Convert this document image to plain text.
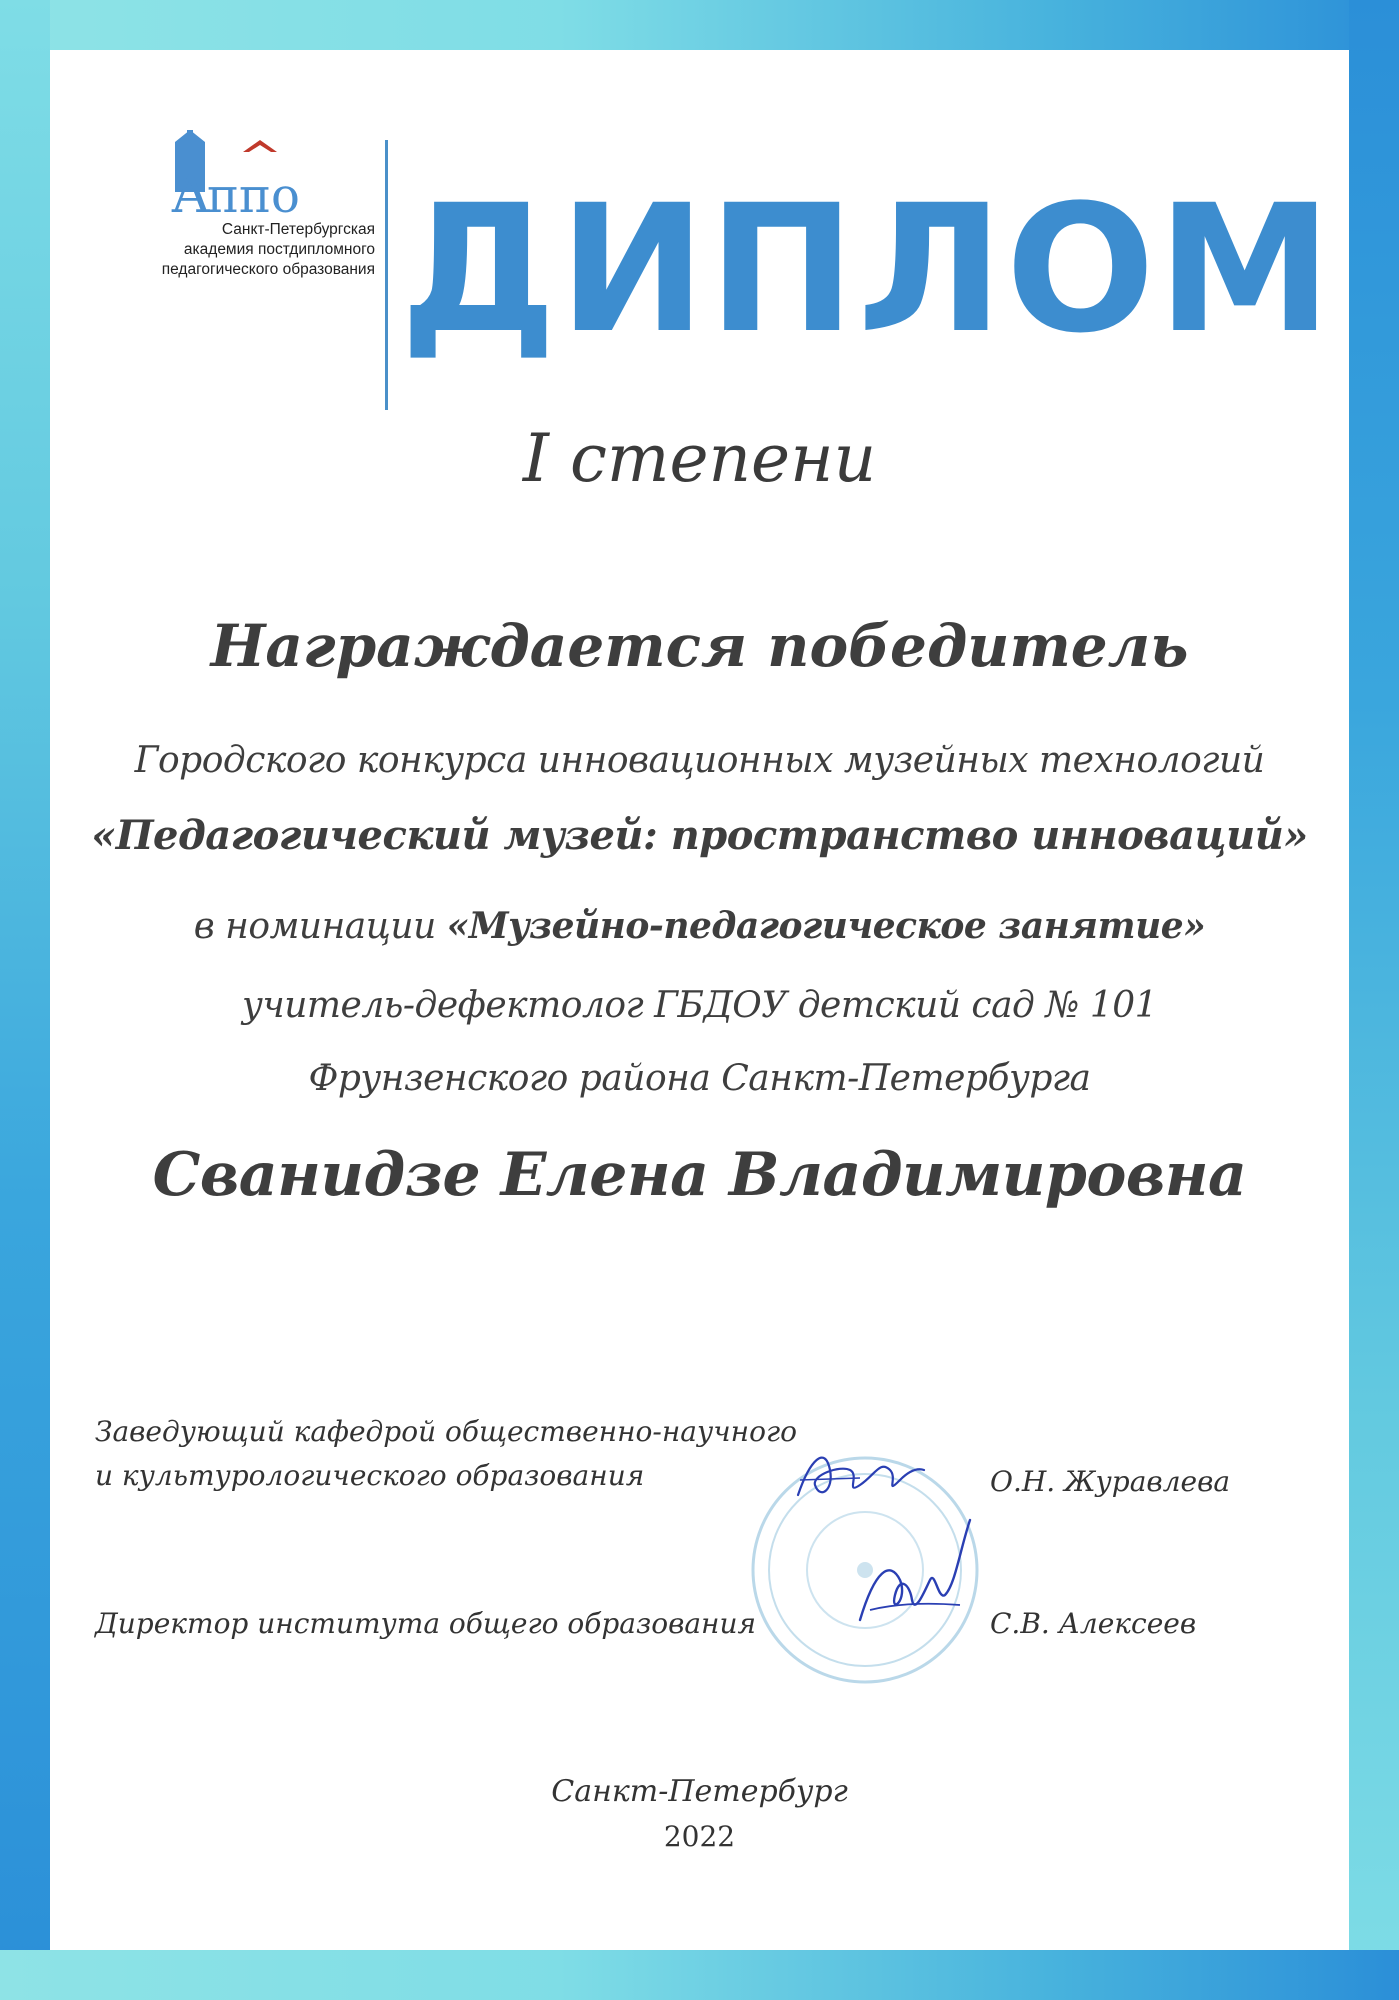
А
ппо
Санкт-Петербургская
академия постдипломного
педагогического образования ДИПЛОМ
I степени
Награждается победитель
Городского конкурса инновационных музейных технологий
«Педагогический музей: пространство инноваций»
в номинации «Музейно-педагогическое занятие»
учитель-дефектолог ГБДОУ детский сад № 101
Фрунзенского района Санкт-Петербурга
Сванидзе Елена Владимировна
Заведующий кафедрой общественно-научного
и культурологического образования	О.Н. Журавлева
Директор института общего образования	С.В. Алексеев
Санкт-Петербург
2022
